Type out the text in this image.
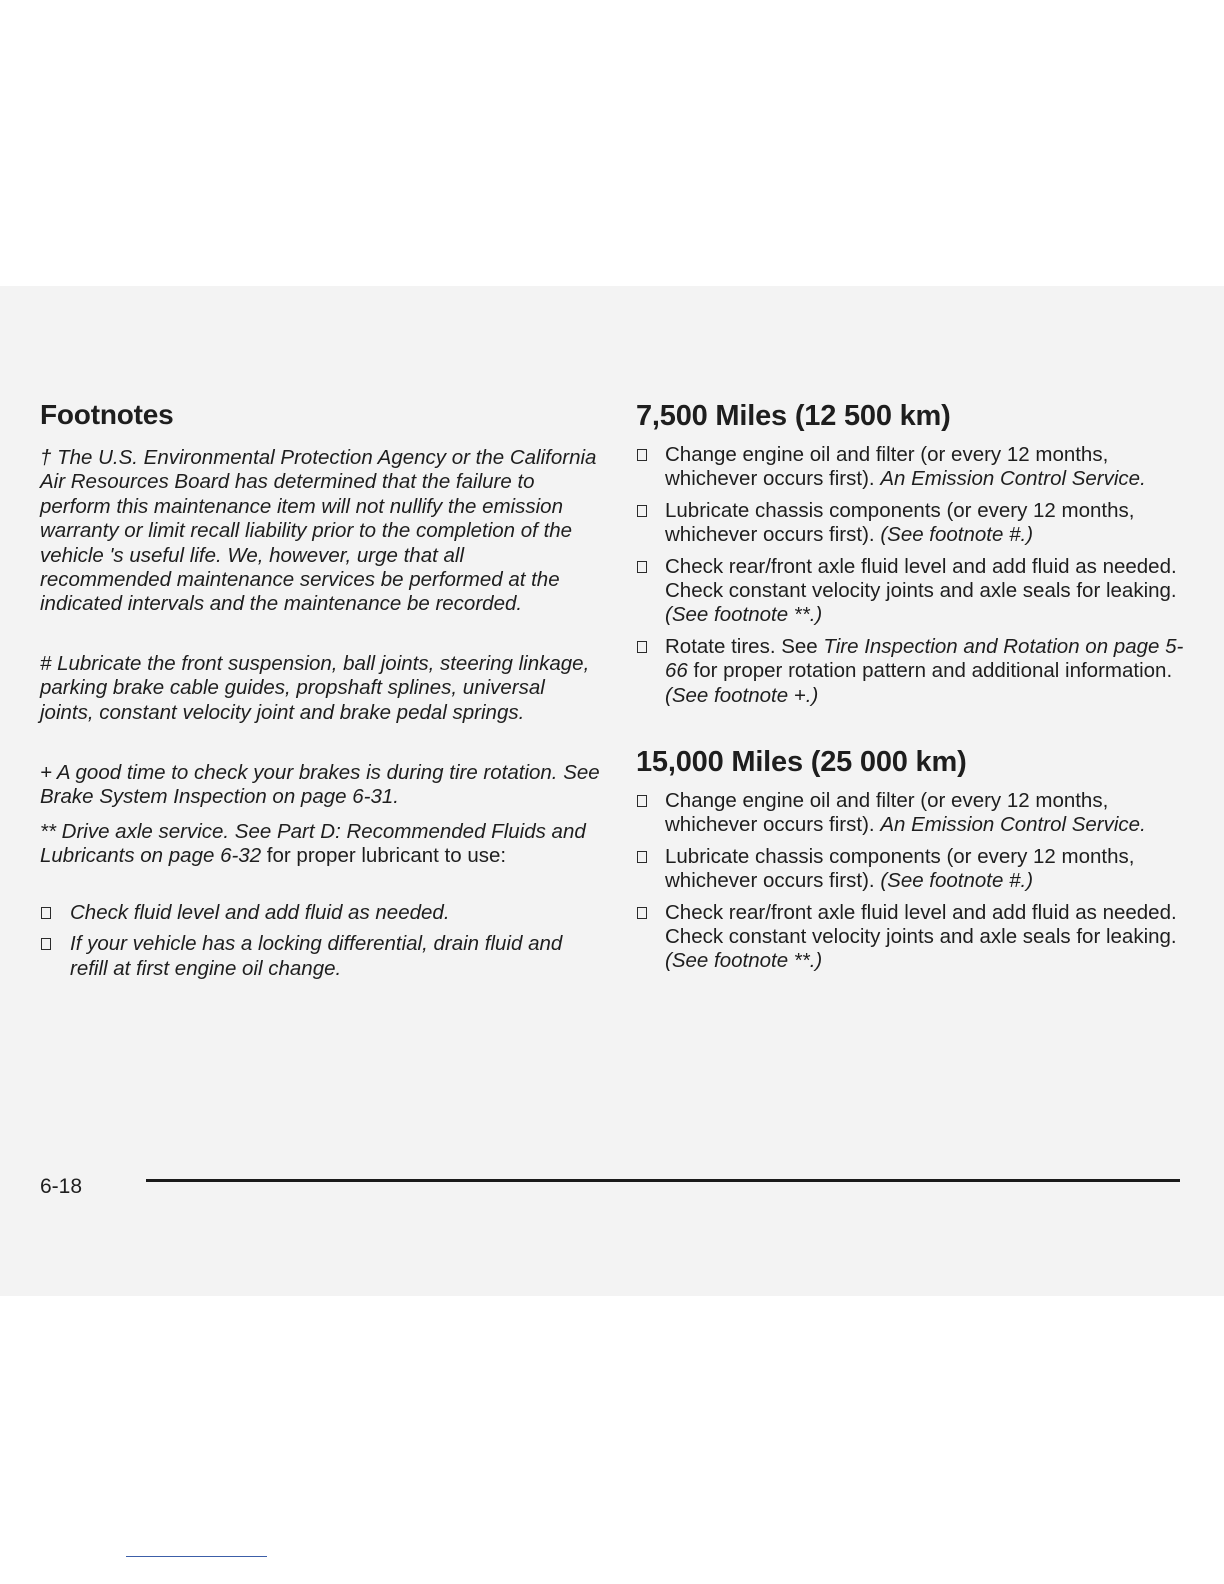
Footnotes

† The U.S. Environmental Protection Agency or the California Air Resources Board has determined that the failure to perform this maintenance item will not nullify the emission warranty or limit recall liability prior to the completion of the vehicle 's useful life. We, however, urge that all recommended maintenance services be performed at the indicated intervals and the maintenance be recorded.

# Lubricate the front suspension, ball joints, steering linkage, parking brake cable guides, propshaft splines, universal joints, constant velocity joint and brake pedal springs.

+ A good time to check your brakes is during tire rotation. See Brake System Inspection on page 6-31.

** Drive axle service. See Part D: Recommended Fluids and Lubricants on page 6-32 for proper lubricant to use:

Check fluid level and add fluid as needed.
If your vehicle has a locking differential, drain fluid and refill at first engine oil change.
7,500 Miles (12 500 km)
Change engine oil and filter (or every 12 months, whichever occurs first). An Emission Control Service.
Lubricate chassis components (or every 12 months, whichever occurs first). (See footnote #.)
Check rear/front axle fluid level and add fluid as needed. Check constant velocity joints and axle seals for leaking. (See footnote **.)
Rotate tires. See Tire Inspection and Rotation on page 5-66 for proper rotation pattern and additional information. (See footnote +.)
15,000 Miles (25 000 km)
Change engine oil and filter (or every 12 months, whichever occurs first). An Emission Control Service.
Lubricate chassis components (or every 12 months, whichever occurs first). (See footnote #.)
Check rear/front axle fluid level and add fluid as needed. Check constant velocity joints and axle seals for leaking. (See footnote **.)
6-18
